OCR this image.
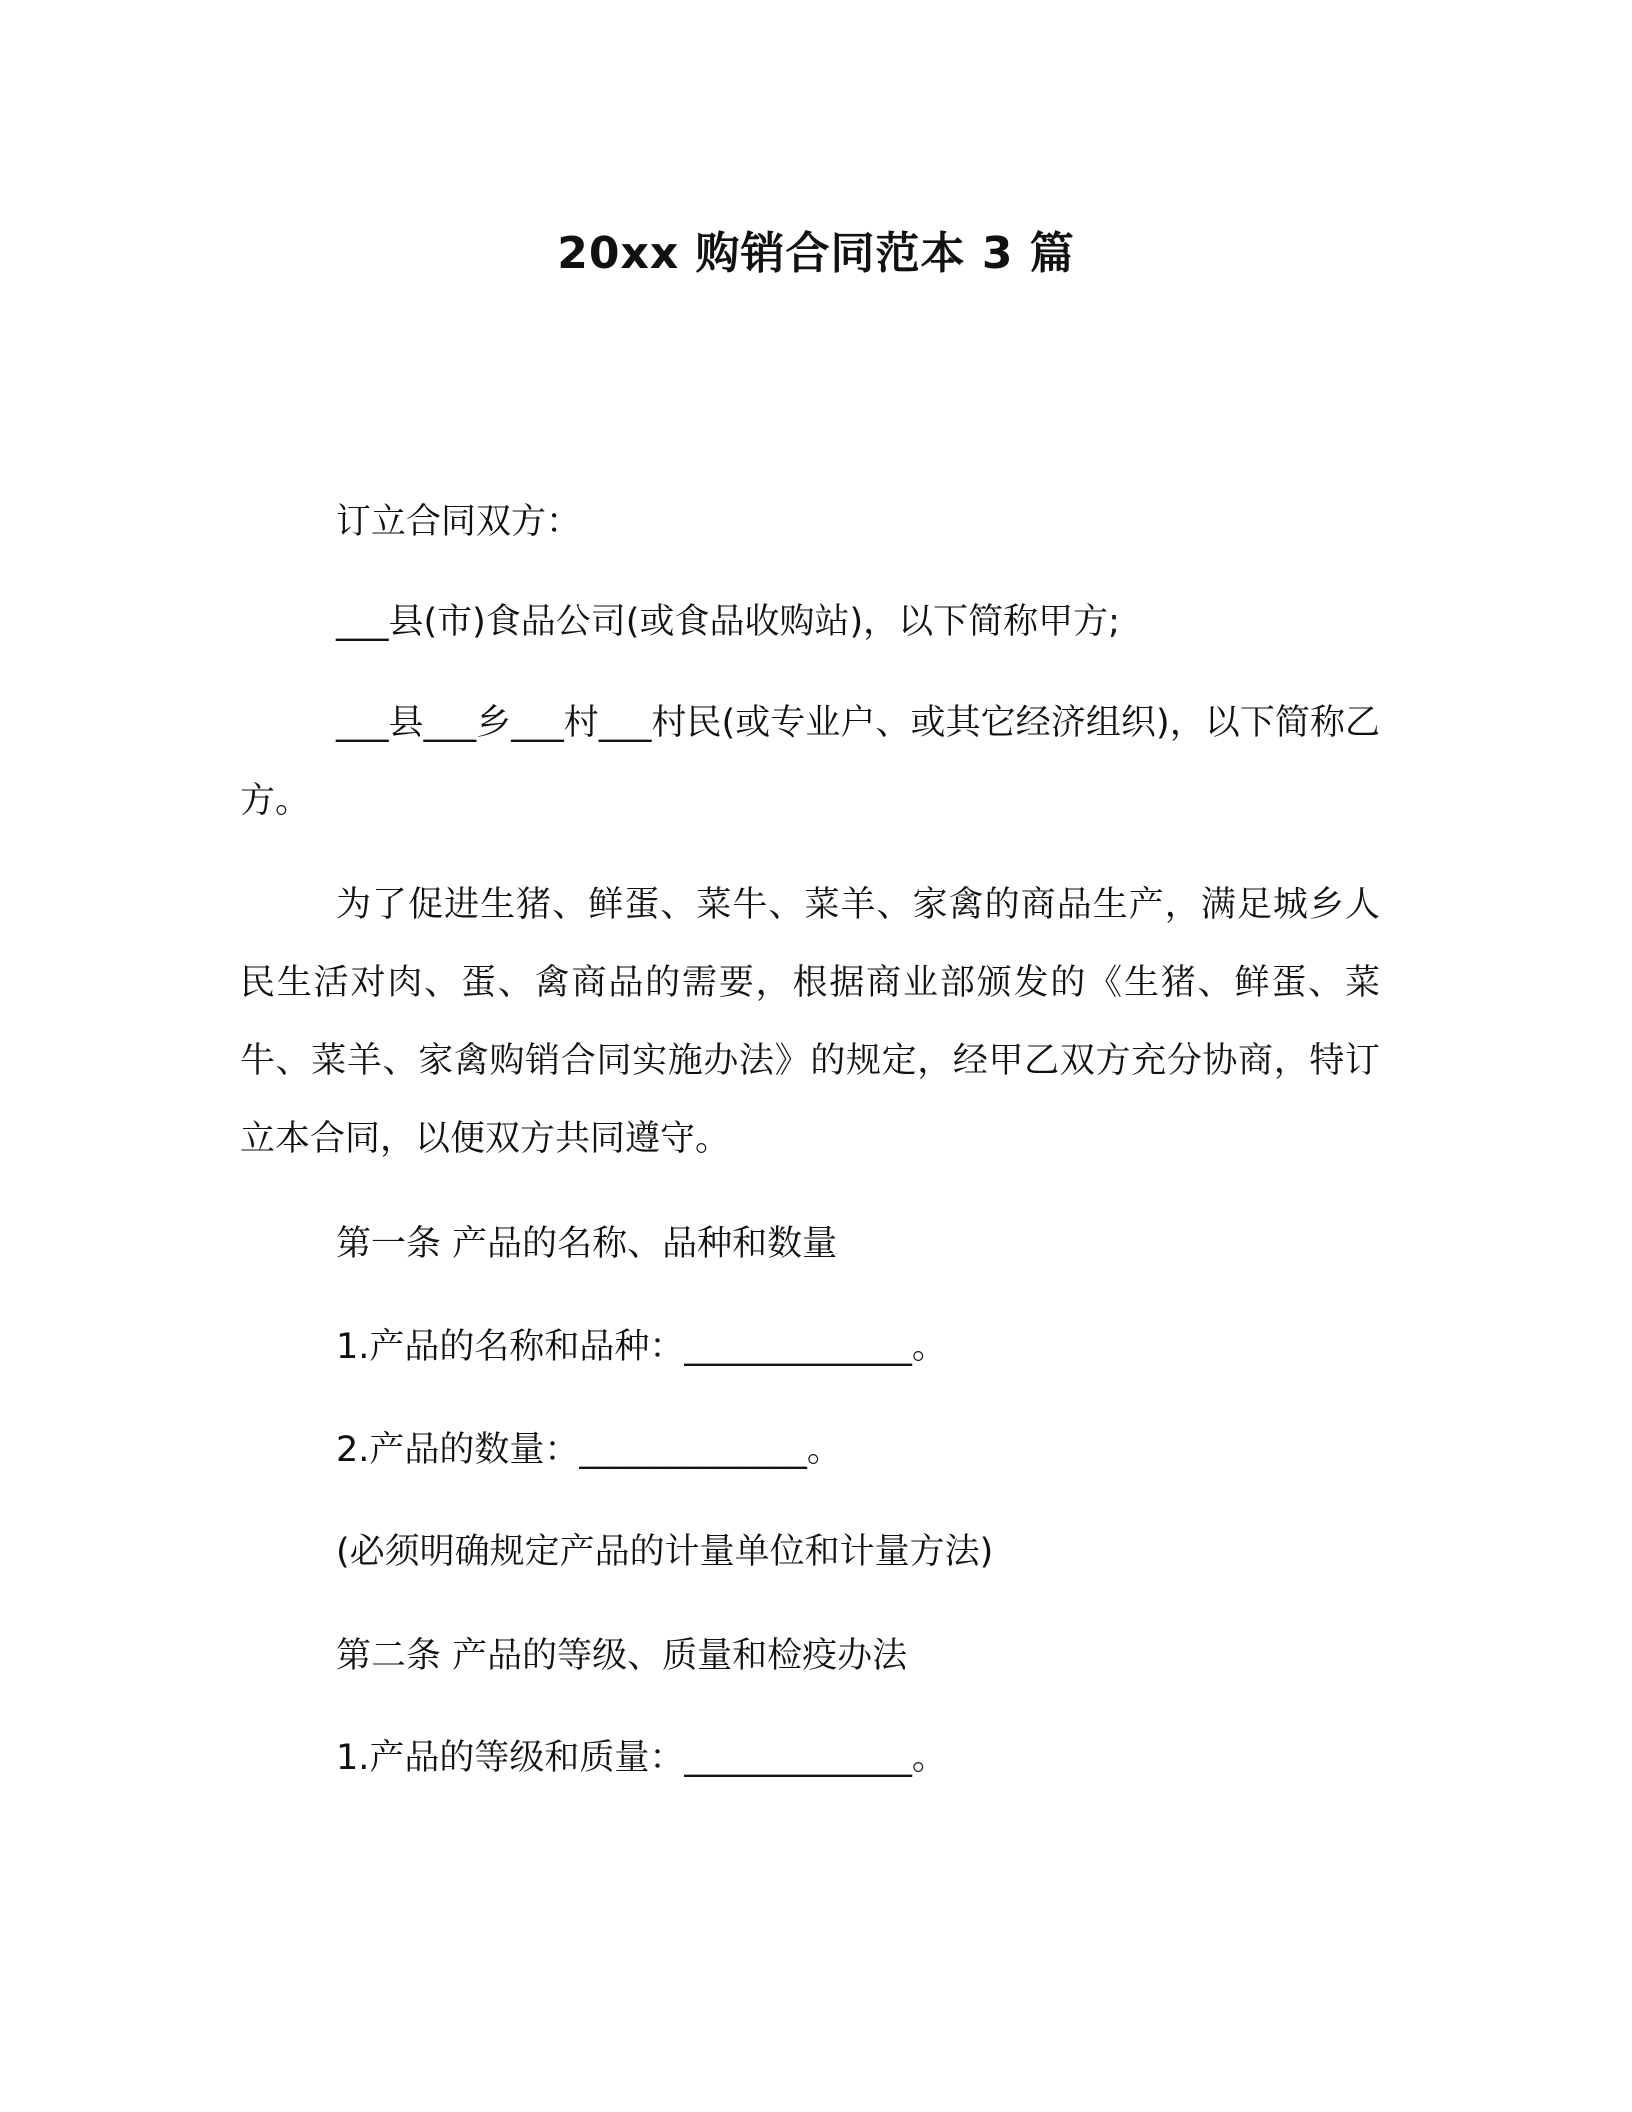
20xx 购销合同范本 3 篇

订立合同双方：

___县(市)食品公司(或食品收购站)，以下简称甲方;

___县___乡___村___村民(或专业户、或其它经济组织)，以下简称乙方。

为了促进生猪、鲜蛋、菜牛、菜羊、家禽的商品生产，满足城乡人民生活对肉、蛋、禽商品的需要，根据商业部颁发的《生猪、鲜蛋、菜牛、菜羊、家禽购销合同实施办法》的规定，经甲乙双方充分协商，特订立本合同，以便双方共同遵守。

第一条 产品的名称、品种和数量

1.产品的名称和品种：_____________。

2.产品的数量：_____________。

(必须明确规定产品的计量单位和计量方法)

第二条 产品的等级、质量和检疫办法

1.产品的等级和质量：_____________。
